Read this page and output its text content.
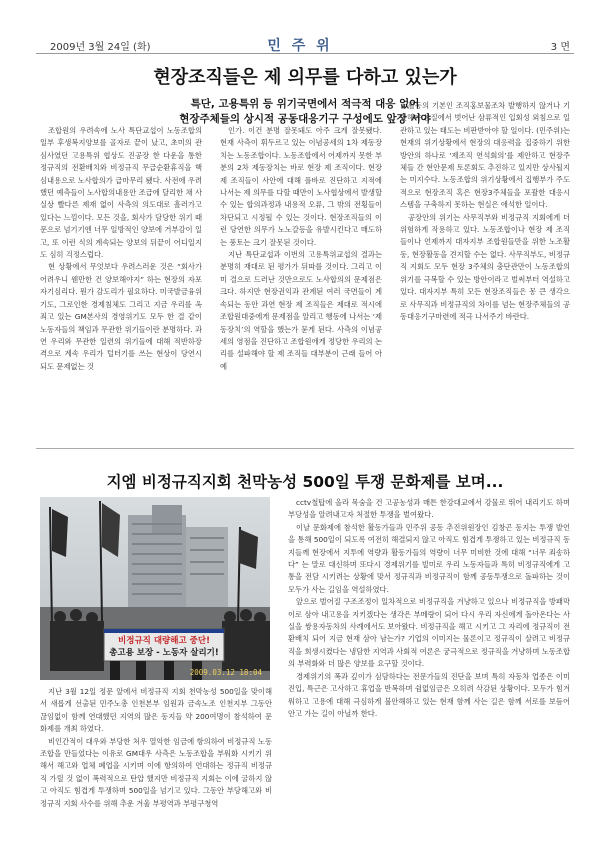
2009년 3월 24일 (화)	민 주 위	3 면
현장조직들은 제 의무를 다하고 있는가
특단, 고용특위 등 위기국면에서 적극적 대응 없어
현장주체들의 상시적 공동대응기구 구성에도 앞장 서야

조합원의 우려속에 노사 특단교섭이 노동조합의 일부 후생복지양보를 골자로 끝이 났고, 초미의 관심사였던 고용특위 협상도 진공장 한 다운을 통한 정규직의 전환배치와 비정규직 무급순환휴직을 핵심내용으로 노사합의가 급마무리 됐다. 사전에 우려했던 예측들이 노사합의내용안 조급에 달리한 채 사실상 빨다른 제재 없이 사측의 의도대로 흘러가고 있다는 느낌이다. 모든 것을, 회사가 담당한 위기 때문으로 넘기기엔 너무 일방적인 양보에 거부감이 일고, 또 이런 식의 계속되는 양보의 뒤끝이 어디일지도 심히 걱정스럽다.

현 상황에서 무엇보다 우려스러운 것은 “회사가 어려우니 웬만한 건 양보해야지” 하는 현장의 자포자기심리다. 뭔가 감도리가 필요하다. 미국발금융위기도, 그로인한 경제침체도 그리고 지금 우리를 옥죄고 있는 GM본사의 경영위기도 모두 한 결 같이 노동자들의 책임과 무관한 위기들이란 분명하다. 과연 우리와 무관한 일련의 위기들에 대해 적반하장 격으로 계속 우리가 털터기를 쓰는 현상이 당연시 되도 문제없는 것

인가. 이건 분명 잘못돼도 아주 크게 잘못됐다. 현재 사측이 휘두르고 있는 이념공세의 1차 제동장치는 노동조합이다. 노동조합에서 어제까지 못한 부분의 2차 제동장치는 바로 현장 제 조직이다. 현장 제 조직들이 사안에 대해 플바로 진단하고 지적에 나서는 제 의무를 다할 때만이 노사협상에서 발생할 수 있는 합의과정과 내용적 오류, 그 밖의 전횡들이 차단되고 시정될 수 있는 것이다. 현장조직들의 이런 당연한 의무가 노노갈등을 유발시킨다고 매도하는 풍토는 크기 잘못된 것이다.

지난 특단교섭과 이번의 고용특위교섭의 결과는 분명히 재대로 된 평가가 뒤따를 것이다. 그리고 이미 결으로 드러난 것만으로도 노사합의의 문제점은 크다. 하지만 현장권익과 관계된 여러 국면들이 계속되는 동안 과연 현장 제 조직들은 제대로 적시에 조합원대중에게 문제점을 알리고 행동에 나서는 ‘제동장치’의 역할을 했는가 묻게 된다. 사측의 이념공세의 영점을 진단하고 조합원에게 정당한 우리의 논리를 설파해야 할 제 조직들 대부분이 근래 들어 아예

활동의 기본인 조직홍보물조차 발행하지 않거나 기껏해야 본질에서 벗어난 삼류적인 입회성 외침으로 일관하고 있는 태도는 비판받아야 할 일이다. (민주위)는 현재의 위기상황에서 현장의 대응력을 집중하기 위한 방안의 하나로 ‘제조직 연석회의’를 제안하고 현장주체들 간 현안문제 토론회도 추진하고 있지만 상사될지는 미지수다. 노동조합의 위기상황에서 집행부가 주도적으로 현장조직 혹은 현장3주체들을 포괄한 대응시스템을 구축하지 못하는 현실은 애석한 일이다.

공장안의 위기는 사무직부와 비정규직 지회에게 더 위험하게 작용하고 있다. 노동조합이나 현장 제 조직들이나 언제까지 대자지부 조합원들만을 위한 노조활동, 현장활동을 견지할 수는 없다. 사무직부도, 비정규직 지회도 모두 현장 3주체의 충단관만이 노동조합의 위기를 극복할 수 있는 방안이라고 벌써부터 역설하고 있다. 대자지부 특히 모든 현장조직들은 몽 큰 생각으로 사무직과 비정규직의 차이를 넘는 현장주체들의 공동대응기구마련에 적극 나서주기 바란다.

지엠 비정규직지회 천막농성 500일 투쟁 문화제를 보며...
비정규직 대량해고 중단!
총고용 보장 - 노동자 살리기!
2009.03.12 18:04

지난 3월 12일 정문 앞에서 비정규직 지회 천막농성 500일을 맞이해서 새롭게 선출된 민주노총 인천본부 임원과 금속노조 인천지부 그동안 끊임없이 함께 연대했던 지역의 많은 동지들 약 200여명이 참석하여 문화제를 개최 하였다.

비인간적이 대우와 부당한 처우 열악한 임금에 항의하여 비정규직 노동조합을 만들었다는 이유로 GM대우 사측은 노동조합을 부워화 시키기 위해서 해고와 업체 폐업을 시키며 이에 항의하여 언대하는 정규직 비정규직 가릴 것 없이 폭력적으로 탄압 했지만 비정규직 지회는 이에 굴하지 않고 아직도 힘겹게 투쟁하며 500일을 넘기고 있다. 그동안 부당해고와 비정규직 지회 사수를 위해 추운 겨울 부평역과 부평구청역

cctv철탑에 올라 목숨을 건 고공농성과 매튼 한강대교에서 강물로 뛰어 내리기도 하며 부당성을 알려내고자 처절한 투쟁을 벌여왔다.

이날 문화제에 참석한 활동가들과 민주위 공동 추진위원장인 김창곤 동지는 투쟁 발언을 통해 500일이 되도록 여전히 해결되지 않고 아직도 힘겹게 투쟁하고 있는 비정규직 동지들께 현장에서 지투에 역량과 활동가들의 역량이 너무 미비한 것에 대해 “너무 죄송하다” 는 말로 대신하며 또다시 경제위기를 빌미로 우리 노동자들과 특히 비정규직에게 고통을 전담 시키려는 상황에 맞서 정규직과 비정규직이 함께 공동투쟁으로 돌파하는 것이 모두가 사는 길임을 역설하였다.

앞으로 벌어질 구조조정이 일차적으로 비정규직을 겨냥하고 있으나 비정규직을 방패막이로 삼아 내고용을 지키겠다는 생각은 부메랑이 되어 다시 우리 자신에게 돌아온다는 사실을 쌍용자동차의 사례에서도 보아왔다. 비정규직을 해고 시키고 그 자리에 정규직이 전환배치 되어 지금 현재 삼아 남는가? 기업의 이미지는 물론이고 정규직이 살려고 비정규직을 희생시켰다는 냉담한 지역과 사회적 여론은 궁극적으로 정규직을 겨냥하며 노동조합의 부력화와 더 많은 양보를 요구할 것이다.

경제위기의 폭과 깊이가 심담하다는 전문가들의 진단을 보며 특히 자동차 업종은 이미 진입, 특근은 고사하고 휴업을 반복하며 쉼없임금은 오히려 삭감된 상황이다. 모두가 힘겨워하고 고용에 대해 극심하게 불안해하고 있는 현재 함께 사는 길은 함께 서로를 보듬어 안고 가는 길이 아닐까 한다.
